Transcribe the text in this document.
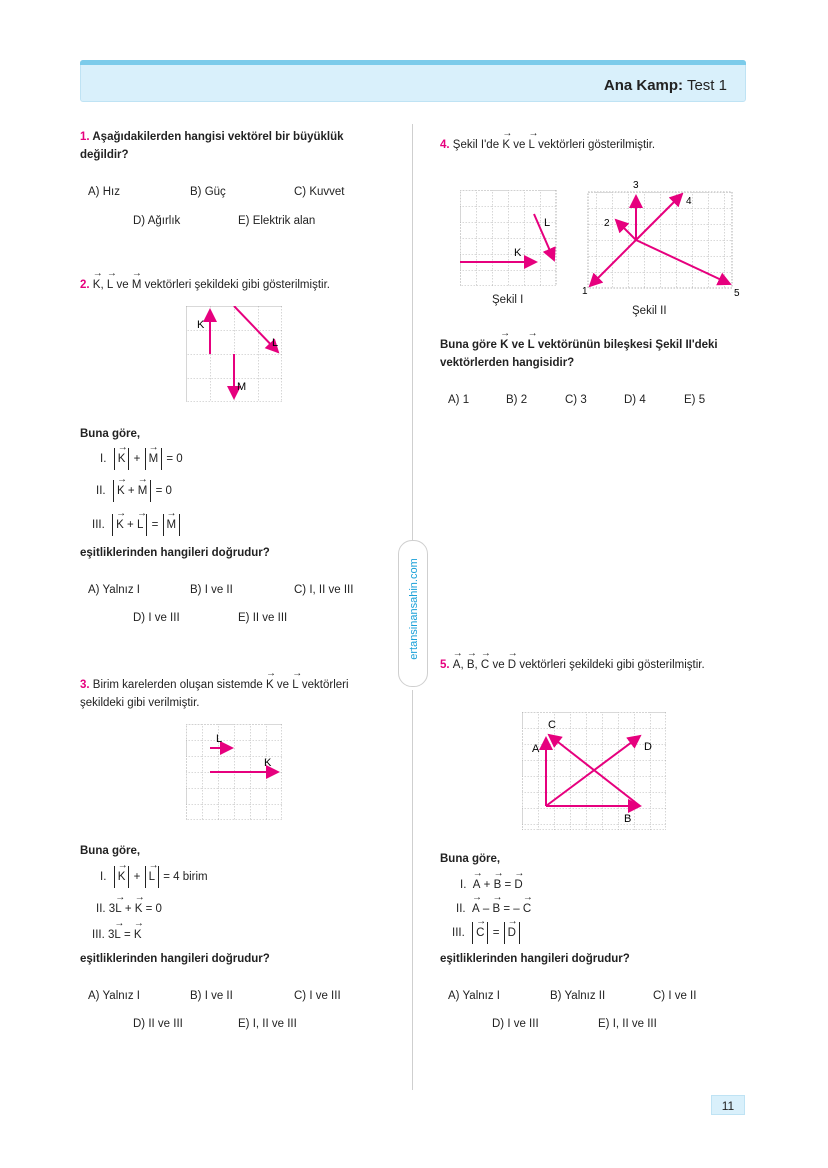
Ana Kamp: Test 1
ertansinansahin.com
1. Aşağıdakilerden hangisi vektörel bir büyüklük
değildir?
A) Hız	B) Güç	C) Kuvvet
D) Ağırlık	E) Elektrik alan
2. → K, → L ve → M vektörleri şekildeki gibi gösterilmiştir.
K
L
M
Buna göre,
I. → K + → M = 0
II. → K + → M = 0
III. → K + → L = → M
eşitliklerinden hangileri doğrudur?
A) Yalnız I	B) I ve II	C) I, II ve III
D) I ve III	E) II ve III
3. Birim karelerden oluşan sistemde → K ve → L vektörleri
şekildeki gibi verilmiştir.
L
K
Buna göre,
I. → K + → L = 4 birim
II. 3→ L + → K = 0
III. 3→ L = → K
eşitliklerinden hangileri doğrudur?
A) Yalnız I	B) I ve II	C) I ve III
D) II ve III	E) I, II ve III
4. Şekil I'de → K ve → L vektörleri gösterilmiştir.
K
L
Şekil I
1
2
3
4
5
Şekil II
Buna göre → K ve → L vektörünün bileşkesi Şekil II'deki
vektörlerden hangisidir?
A) 1	B) 2	C) 3	D) 4	E) 5
5. → A, → B, → C ve → D vektörleri şekildeki gibi gösterilmiştir.
A
B
C
D
Buna göre,
I. → A + → B = → D
II. → A – → B = – → C
III. → C = → D
eşitliklerinden hangileri doğrudur?
A) Yalnız I	B) Yalnız II	C) I ve II
D) I ve III	E) I, II ve III
11
